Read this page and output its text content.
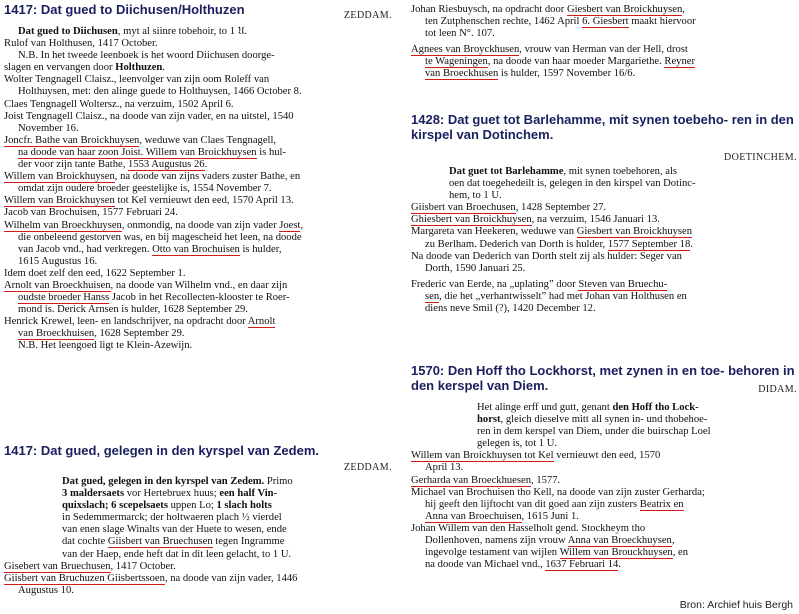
1417: Dat gued to Diichusen/Holthuzen	ZEDDAM.

Dat gued to Diichusen, myt al siinre tobehoir, to 1 𝔘.

Rulof van Holthusen, 1417 October.

N.B. In het tweede leenboek is het woord Diichusen doorge-

slagen en vervangen door Holthuzen.

Wolter Tengnagell Claisz., leenvolger van zijn oom Roleff van

Holthuysen, met: den alinge guede to Holthuysen, 1466 October 8.

Claes Tengnagell Woltersz., na verzuim, 1502 April 6.

Joist Tengnagell Claisz., na doode van zijn vader, en na uitstel, 1540

November 16.

Joncfr. Bathe van Broickhuysen, weduwe van Claes Tengnagell,

na doode van haar zoon Joist. Willem van Broickhuysen is hul-

der voor zijn tante Bathe, 1553 Augustus 26.

Willem van Broickhuysen, na doode van zijns vaders zuster Bathe, en

omdat zijn oudere broeder geestelijke is, 1554 November 7.

Willem van Broickhuysen tot Kel vernieuwt den eed, 1570 April 13.

Jacob van Brochuisen, 1577 Februari 24.

Wilhelm van Broeckhuysen, onmondig, na doode van zijn vader Joest,

die onbeleend gestorven was, en bij magescheid het leen, na doode

van Jacob vnd., had verkregen. Otto van Brochuisen is hulder,

1615 Augustus 16.

Idem doet zelf den eed, 1622 September 1.

Arnolt van Broeckhuisen, na doode van Wilhelm vnd., en daar zijn

oudste broeder Hanss Jacob in het Recollecten-klooster te Roer-

mond is. Derick Arnsen is hulder, 1628 September 29.

Henrick Krewel, leen- en landschrijver, na opdracht door Arnolt

van Broeckhuisen, 1628 September 29.

N.B. Het leengoed ligt te Klein-Azewijn.

1417: Dat gued, gelegen in den kyrspel van Zedem.
ZEDDAM.

Dat gued, gelegen in den kyrspel van Zedem. Primo

3 maldersaets vor Hertebruex huus; een half Vin-

quixslach; 6 scepelsaets uppen Lo; 1 slach holts

in Sedemmermarck; der holtwaeren plach ½ vierdel

van enen slage Winalts van der Huete to wesen, ende

dat cochte Giisbert van Bruechusen tegen Ingramme

van der Haep, ende heft dat in dit leen gelacht, to 1 U.

Gisebert van Bruechusen, 1417 October.

Giisbert van Bruchuzen Giisbertssoen, na doode van zijn vader, 1446

Augustus 10.

Johan Riesbuysch, na opdracht door Giesbert van Broickhuysen,

ten Zutphenschen rechte, 1462 April 6. Giesbert maakt hiervoor

tot leen N°. 107.

Agnees van Broyckhusen, vrouw van Herman van der Hell, drost

te Wageningen, na doode van haar moeder Margariethe. Reyner

van Broeckhusen is hulder, 1597 November 16/6.

1428: Dat guet tot Barlehamme, mit synen toebeho- ren in den kirspel van Dotinchem.
DOETINCHEM.

Dat guet tot Barlehamme, mit synen toebehoren, als

oen dat toegehedeilt is, gelegen in den kirspel van Dotinc-

hem, to 1 U.

Giisbert van Broechusen, 1428 September 27.

Ghiesbert van Broickhuysen, na verzuim, 1546 Januari 13.

Margareta van Heekeren, weduwe van Giesbert van Broickhuysen

zu Berlham. Dederich van Dorth is hulder, 1577 September 18.

Na doode van Dederich van Dorth stelt zij als hulder: Seger van

Dorth, 1590 Januari 25.

Frederic van Eerde, na „uplating” door Steven van Bruechu-

sen, die het „verhantwisselt” had met Johan van Holthusen en

diens neve Smil (?), 1420 December 12.

1570: Den Hoff tho Lockhorst, met zynen in en toe- behoren in den kerspel van Diem.	DIDAM.

Het alinge erff und gutt, genant den Hoff tho Lock-

horst, gleich dieselve mitt all synen in- und thobehoe-

ren in dem kerspel van Diem, under die buirschap Loel

gelegen is, tot 1 U.

Willem van Broickhuysen tot Kel vernieuwt den eed, 1570

April 13.

Gerharda van Broeckhuesen, 1577.

Michael van Brochuisen tho Kell, na doode van zijn zuster Gerharda;

hij geeft den lijftocht van dit goed aan zijn zusters Beatrix en

Anna van Broechuisen, 1615 Juni 1.

Johan Willem van den Hasselholt gend. Stockheym tho

Dollenhoven, namens zijn vrouw Anna van Broeckhuysen,

ingevolge testament van wijlen Willem van Brouckhuysen, en

na doode van Michael vnd., 1637 Februari 14.

Bron: Archief huis Bergh
